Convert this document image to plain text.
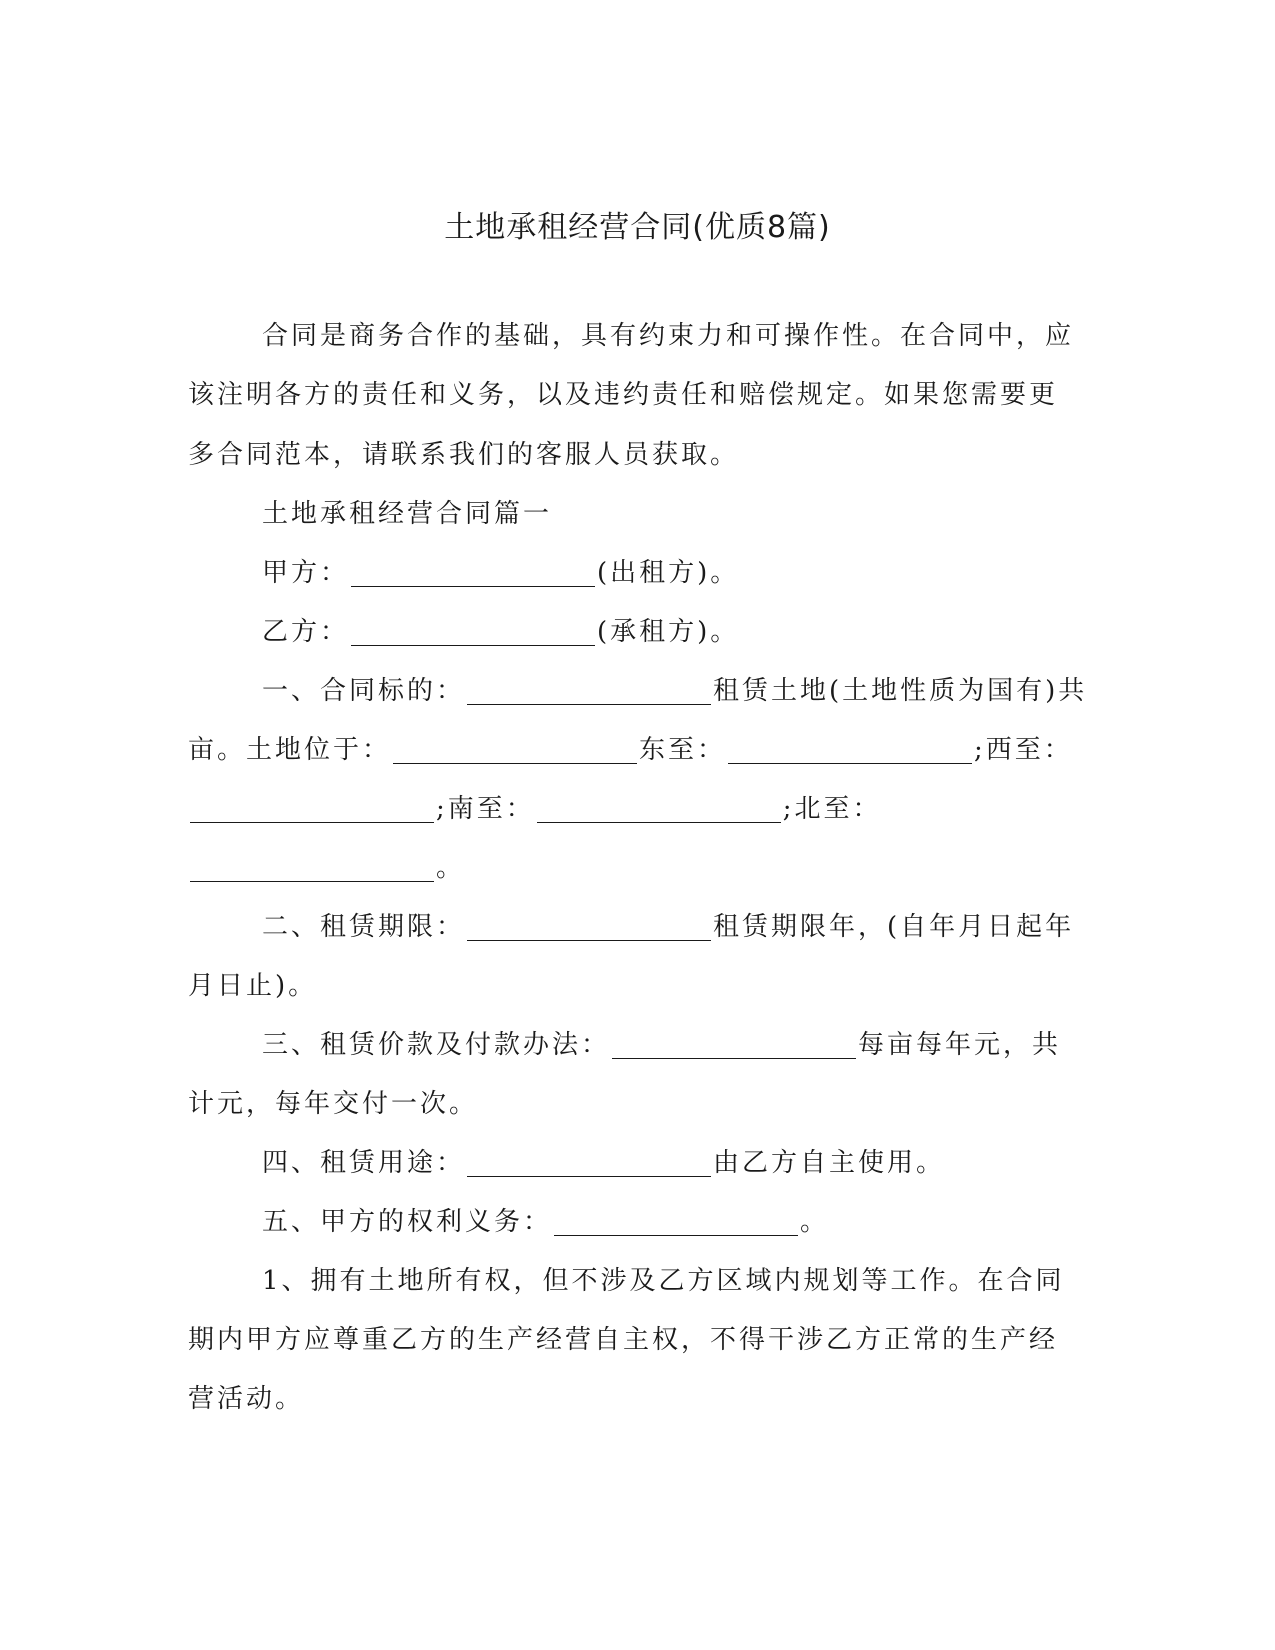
土地承租经营合同(优质8篇)
合同是商务合作的基础，具有约束力和可操作性。在合同中，应
该注明各方的责任和义务，以及违约责任和赔偿规定。如果您需要更
多合同范本，请联系我们的客服人员获取。
土地承租经营合同篇一
甲方：	(出租方)。
乙方：	(承租方)。
一、合同标的：	租赁土地(土地性质为国有)共
亩。土地位于：	东至：	;西至：
;南至：	;北至：
。
二、租赁期限：	租赁期限年，(自年月日起年
月日止)。
三、租赁价款及付款办法：	每亩每年元，共
计元，每年交付一次。
四、租赁用途：	由乙方自主使用。
五、甲方的权利义务：	。
1、拥有土地所有权，但不涉及乙方区域内规划等工作。在合同
期内甲方应尊重乙方的生产经营自主权，不得干涉乙方正常的生产经
营活动。
